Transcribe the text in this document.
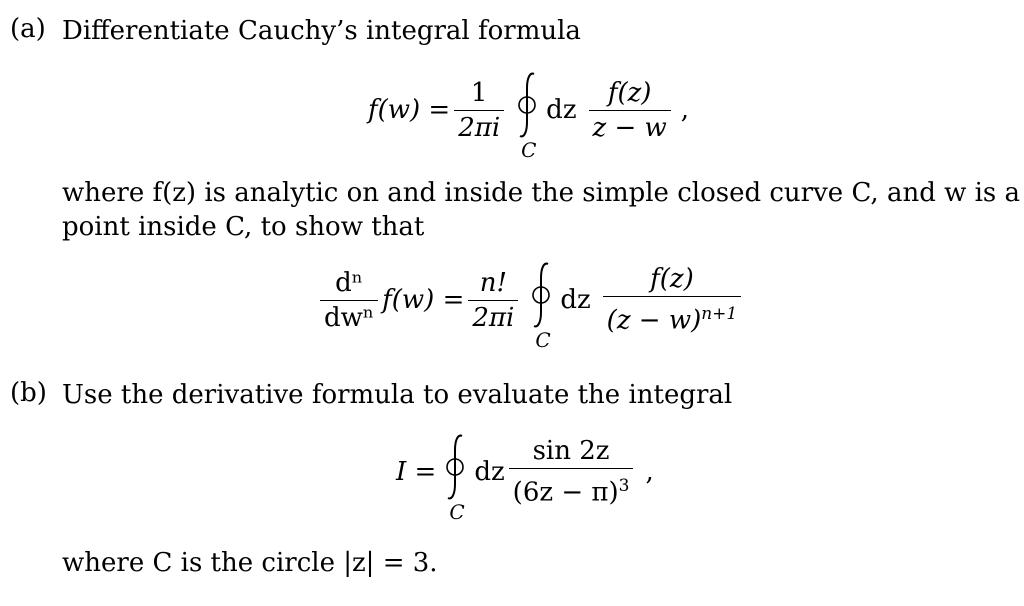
(a) Differentiate Cauchy’s integral formula
$f(w) = \frac{1}{2\pi i}$
C
dz $\frac{f(z)}{z - w}$ ,
where f(z) is analytic on and inside the simple closed curve C, and w is a
point inside C, to show that
$\frac{\text{dⁿ}}{\text{dwⁿ}} f(w) = \frac{n!}{2\pi i}$
C
dz $\frac{f(z)}{(z - w)^{n+1}}$
(b) Use the derivative formula to evaluate the integral
I =
C
dz $\frac{\sin 2z}{(6z - \pi)^3}$ ,
where C is the circle |z| = 3.
